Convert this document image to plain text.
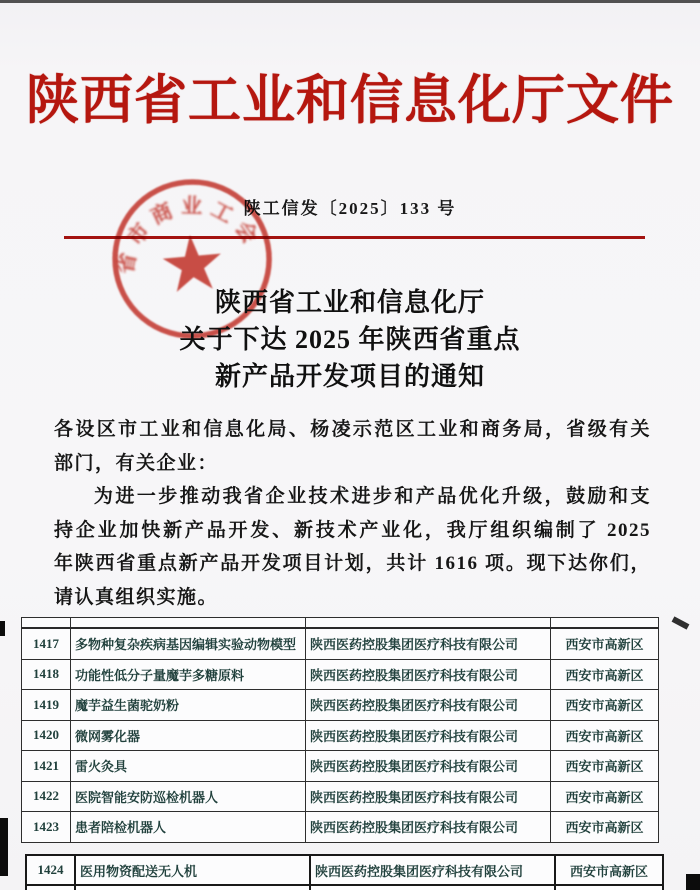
陕西省工业和信息化厅文件
陕工信发〔2025〕133 号
省市商业工会
★
陕西省工业和信息化厅
关于下达 2025 年陕西省重点
新产品开发项目的通知
各设区市工业和信息化局、杨凌示范区工业和商务局，省级有关
部门，有关企业：
为进一步推动我省企业技术进步和产品优化升级，鼓励和支
持企业加快新产品开发、新技术产业化，我厅组织编制了 2025
年陕西省重点新产品开发项目计划，共计 1616 项。现下达你们，
请认真组织实施。

1417	多物种复杂疾病基因编辑实验动物模型	陕西医药控股集团医疗科技有限公司	西安市高新区
1418	功能性低分子量魔芋多糖原料	陕西医药控股集团医疗科技有限公司	西安市高新区
1419	魔芋益生菌驼奶粉	陕西医药控股集团医疗科技有限公司	西安市高新区
1420	微网雾化器	陕西医药控股集团医疗科技有限公司	西安市高新区
1421	雷火灸具	陕西医药控股集团医疗科技有限公司	西安市高新区
1422	医院智能安防巡检机器人	陕西医药控股集团医疗科技有限公司	西安市高新区
1423	患者陪检机器人	陕西医药控股集团医疗科技有限公司	西安市高新区
1424	医用物资配送无人机	陕西医药控股集团医疗科技有限公司	西安市高新区
